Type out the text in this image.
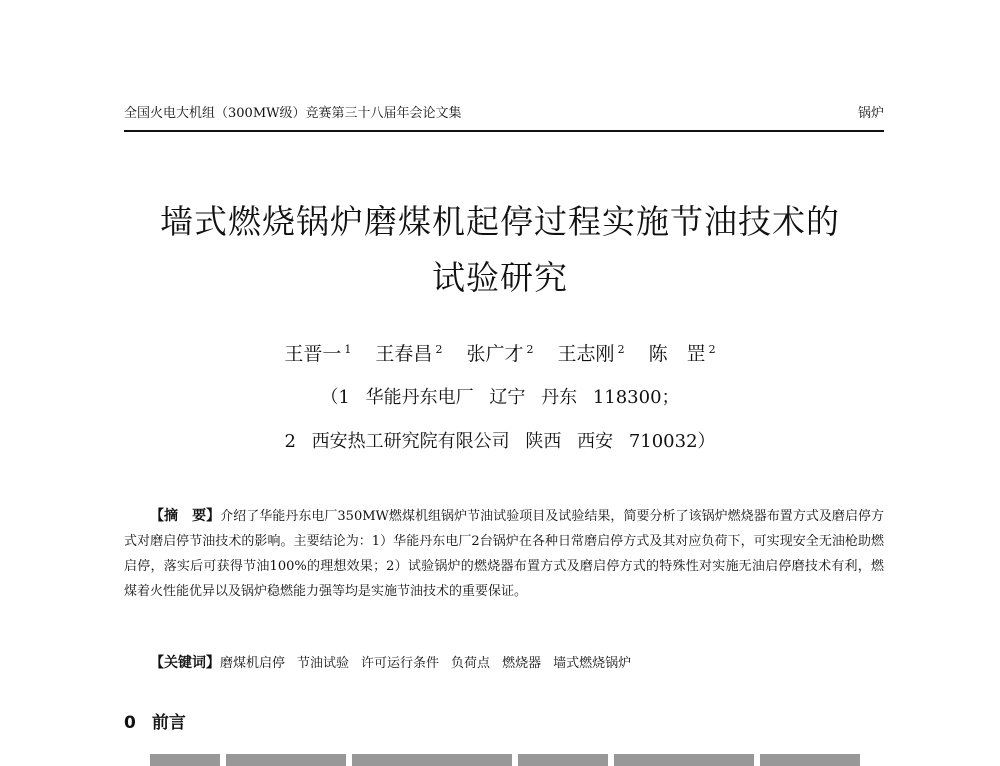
全国火电大机组（300MW级）竞赛第三十八届年会论文集	锅炉
墙式燃烧锅炉磨煤机起停过程实施节油技术的
试验研究
王晋一 $^1$ 王春昌 $^2$ 张广才 $^2$ 王志刚 $^2$ 陈　罡 $^2$
（1 华能丹东电厂 辽宁 丹东 118300；
2 西安热工研究院有限公司 陕西 西安 710032）
【摘　要】介绍了华能丹东电厂350MW燃煤机组锅炉节油试验项目及试验结果，简要分析了该锅炉燃烧器布置方式及磨启停方式对磨启停节油技术的影响。主要结论为：1）华能丹东电厂2台锅炉在各种日常磨启停方式及其对应负荷下，可实现安全无油枪助燃启停，落实后可获得节油100%的理想效果；2）试验锅炉的燃烧器布置方式及磨启停方式的特殊性对实施无油启停磨技术有利，燃煤着火性能优异以及锅炉稳燃能力强等均是实施节油技术的重要保证。
【关键词】磨煤机启停 节油试验 许可运行条件 负荷点 燃烧器 墙式燃烧锅炉
0 前言
